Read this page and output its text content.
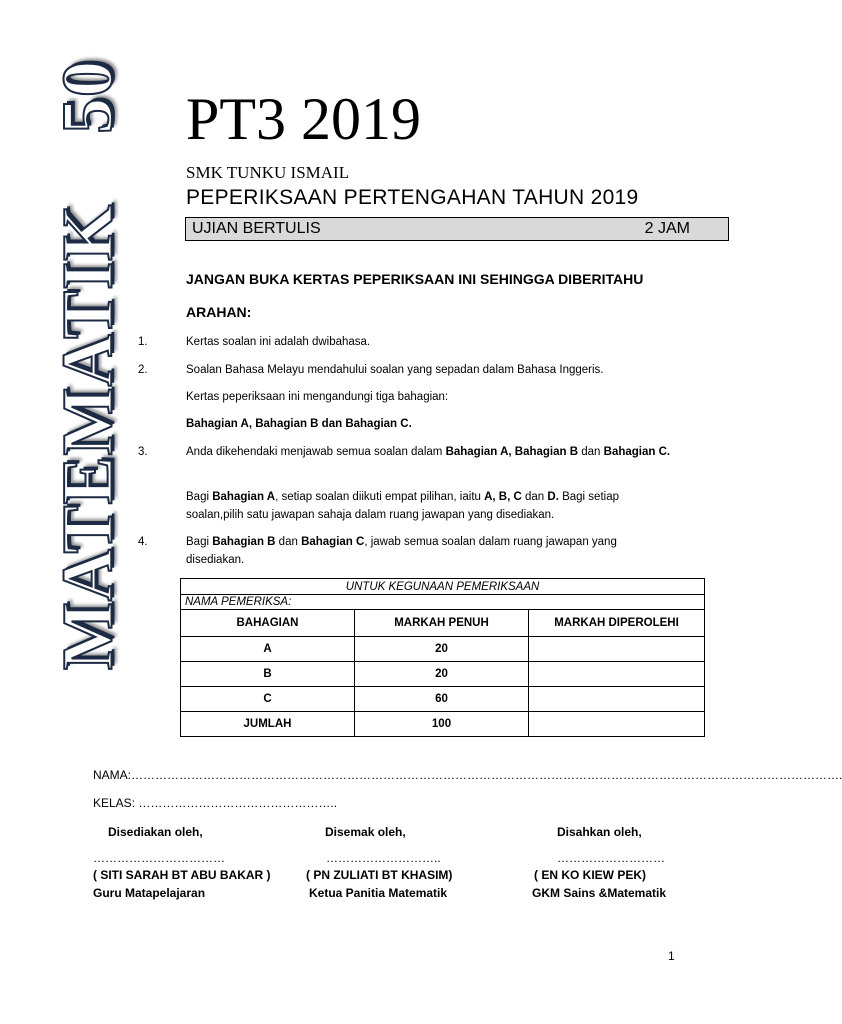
MATEMATIK50 PT3 2019
SMK TUNKU ISMAIL
PEPERIKSAAN PERTENGAHAN TAHUN 2019
UJIAN BERTULIS	2 JAM
JANGAN BUKA KERTAS PEPERIKSAAN INI SEHINGGA DIBERITAHU
ARAHAN:
1.	Kertas soalan ini adalah dwibahasa.
2.	Soalan Bahasa Melayu mendahului soalan yang sepadan dalam Bahasa Inggeris.
Kertas peperiksaan ini mengandungi tiga bahagian:
Bahagian A, Bahagian B dan Bahagian C.
3.	Anda dikehendaki menjawab semua soalan dalam Bahagian A, Bahagian B dan Bahagian C.
Bagi Bahagian A, setiap soalan diikuti empat pilihan, iaitu A, B, C dan D. Bagi setiap soalan,pilih satu jawapan sahaja dalam ruang jawapan yang disediakan.
4.	Bagi Bahagian B dan Bahagian C, jawab semua soalan dalam ruang jawapan yang disediakan.
UNTUK KEGUNAAN PEMERIKSAAN		
NAMA PEMERIKSA:		
BAHAGIAN	MARKAH PENUH	MARKAH DIPEROLEHI
A	20	
B	20	
C	60	
JUMLAH	100	
NAMA:…………………………………………………………………………………………………………………………………………………………….
KELAS: …………………………………………..
Disediakan oleh,	Disemak oleh,	Disahkan oleh,
……………………………	………………………..	………………………
( SITI SARAH BT ABU BAKAR )	( PN ZULIATI BT KHASIM)	( EN KO KIEW PEK)
Guru Matapelajaran	Ketua Panitia Matematik	GKM Sains &Matematik
1
